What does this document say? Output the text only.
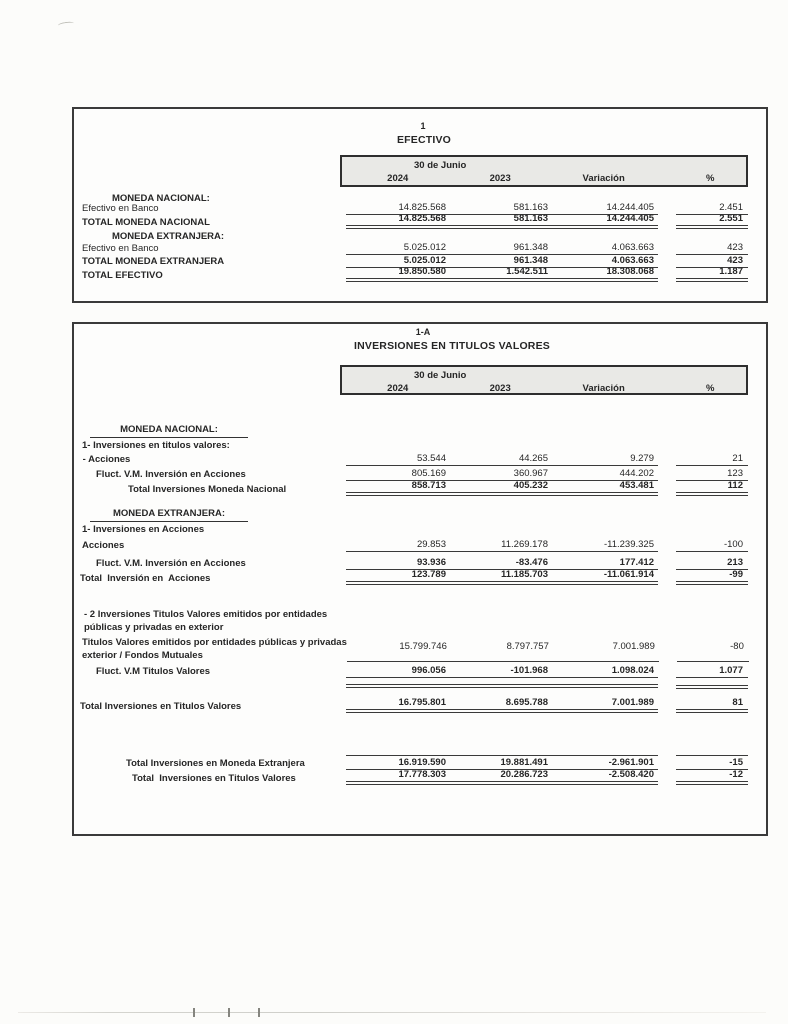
1
EFECTIVO
30 de Junio
2024	2023	Variación	%
MONEDA NACIONAL:
Efectivo en Banco	14.825.568	581.163	14.244.405	2.451
TOTAL MONEDA NACIONAL	14.825.568	581.163	14.244.405	2.551
MONEDA EXTRANJERA:
Efectivo en Banco	5.025.012	961.348	4.063.663	423
TOTAL MONEDA EXTRANJERA	5.025.012	961.348	4.063.663	423
TOTAL EFECTIVO	19.850.580	1.542.511	18.308.068	1.187
1-A
INVERSIONES EN TITULOS VALORES
30 de Junio
2024	2023	Variación	%
MONEDA NACIONAL:
1- Inversiones en titulos valores:
- Acciones	53.544	44.265	9.279	21
Fluct. V.M. Inversión en Acciones	805.169	360.967	444.202	123
Total Inversiones Moneda Nacional	858.713	405.232	453.481	112
MONEDA EXTRANJERA:
1- Inversiones en Acciones
Acciones	29.853	11.269.178	-11.239.325	-100
Fluct. V.M. Inversión en Acciones	93.936	-83.476	177.412	213
Total  Inversión en  Acciones	123.789	11.185.703	-11.061.914	-99
- 2 Inversiones Titulos Valores emitidos por entidades
públicas y privadas en exterior
Titulos Valores emitidos por entidades públicas y privadas
exterior / Fondos Mutuales
15.799.746	8.797.757	7.001.989	-80
Fluct. V.M Titulos Valores	996.056	-101.968	1.098.024	1.077
Total Inversiones en Titulos Valores	16.795.801	8.695.788	7.001.989	81
Total Inversiones en Moneda Extranjera	16.919.590	19.881.491	-2.961.901	-15
Total  Inversiones en Titulos Valores	17.778.303	20.286.723	-2.508.420	-12
